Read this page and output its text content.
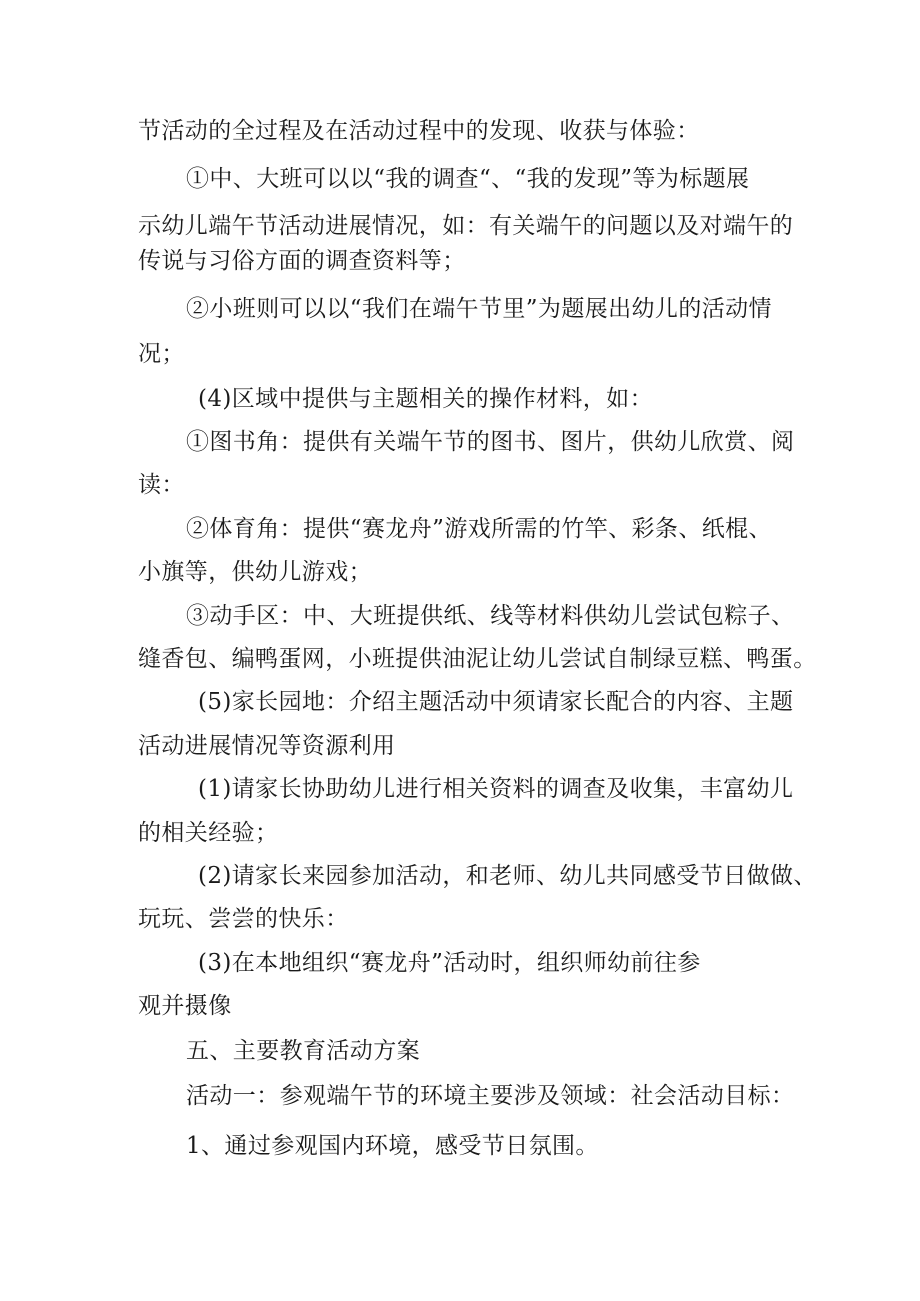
节活动的全过程及在活动过程中的发现、收获与体验：
①中、大班可以以“我的调查“、“我的发现”等为标题展
示幼儿端午节活动进展情况，如：有关端午的问题以及对端午的
传说与习俗方面的调查资料等；
②小班则可以以“我们在端午节里”为题展出幼儿的活动情
况；
(4)区域中提供与主题相关的操作材料，如：
①图书角：提供有关端午节的图书、图片，供幼儿欣赏、阅
读：
②体育角：提供“赛龙舟”游戏所需的竹竿、彩条、纸棍、
小旗等，供幼儿游戏；
③动手区：中、大班提供纸、线等材料供幼儿尝试包粽子、
缝香包、编鸭蛋网，小班提供油泥让幼儿尝试自制绿豆糕、鸭蛋。
(5)家长园地：介绍主题活动中须请家长配合的内容、主题
活动进展情况等资源利用
(1)请家长协助幼儿进行相关资料的调查及收集，丰富幼儿
的相关经验；
(2)请家长来园参加活动，和老师、幼儿共同感受节日做做、
玩玩、尝尝的快乐：
(3)在本地组织“赛龙舟”活动时，组织师幼前往参
观并摄像
五、主要教育活动方案
活动一：参观端午节的环境主要涉及领域：社会活动目标：
1、通过参观国内环境，感受节日氛围。
